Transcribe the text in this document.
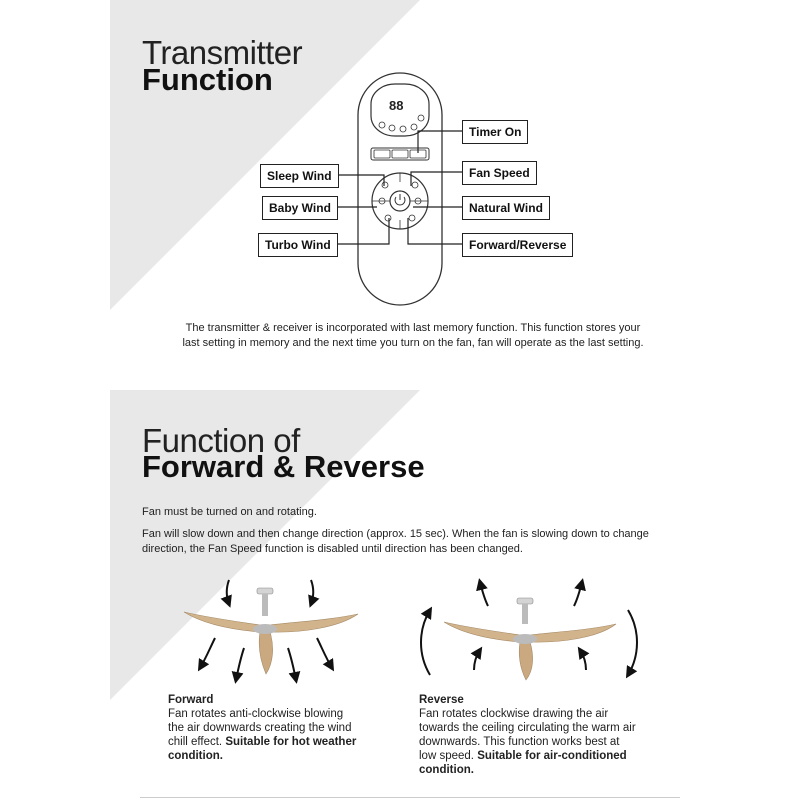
Transmitter
Function
88
Timer On
Fan Speed
Natural Wind
Forward/Reverse
Sleep Wind
Baby Wind
Turbo Wind
The transmitter & receiver is incorporated with last memory function. This function stores your last setting in memory and the next time you turn on the fan, fan will operate as the last setting.
Function of
Forward & Reverse
Fan must be turned on and rotating.
Fan will slow down and then change direction (approx. 15 sec). When the fan is slowing down to change direction, the Fan Speed function is disabled until direction has been changed.
Forward
Fan rotates anti-clockwise blowing the air downwards creating the wind chill effect. Suitable for hot weather condition.
Reverse
Fan rotates clockwise drawing the air towards the ceiling circulating the warm air downwards. This function works best at low speed. Suitable for air-conditioned condition.
